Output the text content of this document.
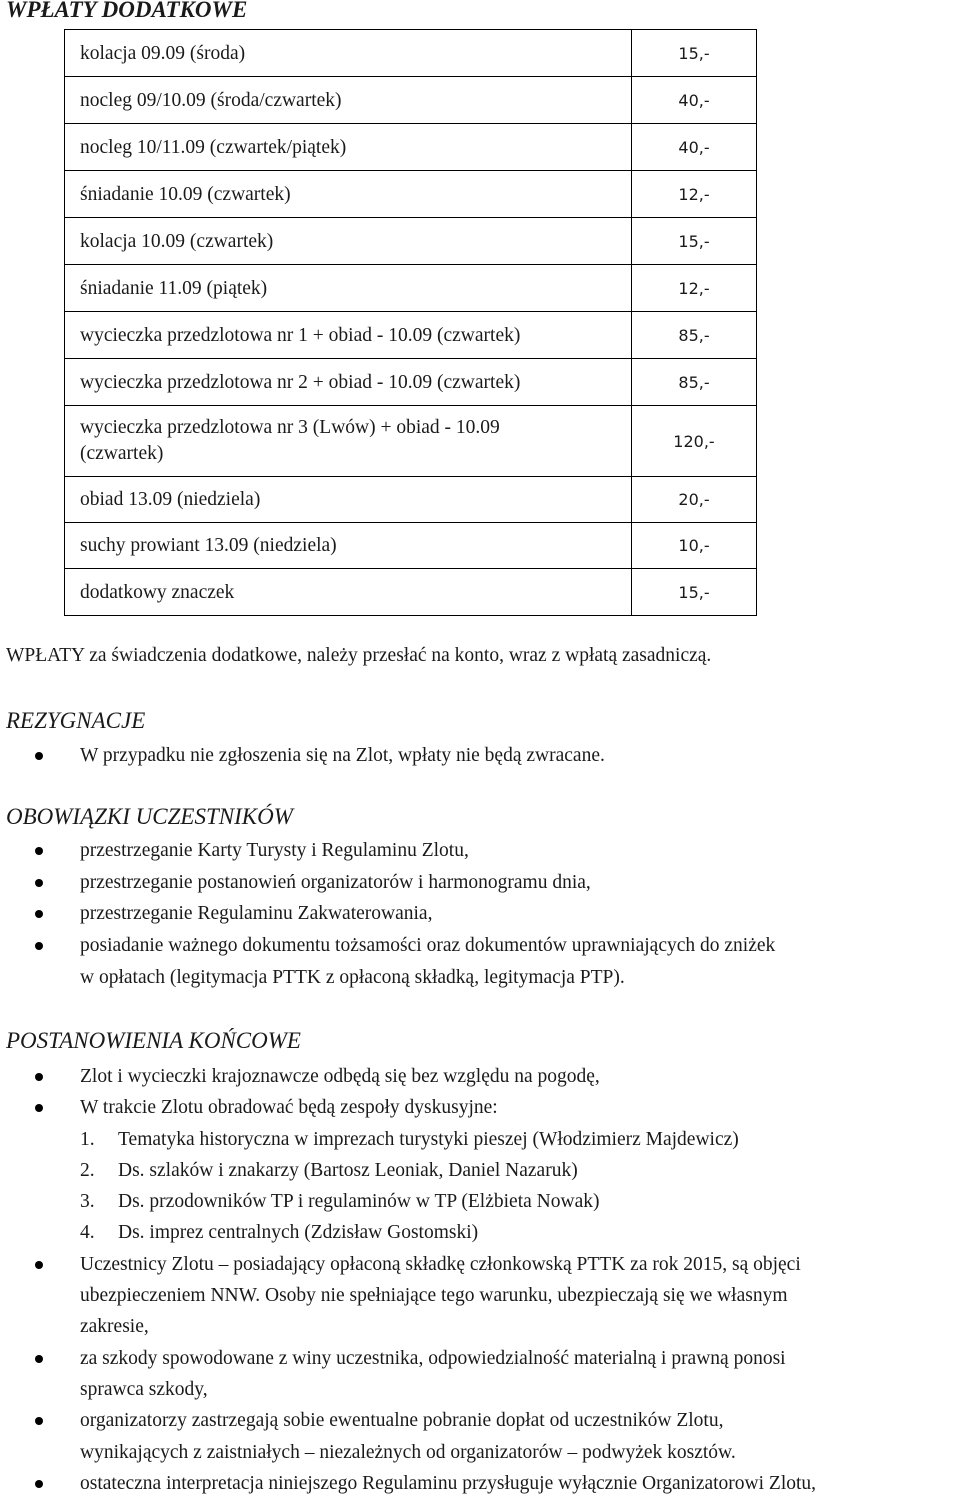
WPŁATY DODATKOWE
kolacja 09.09 (środa)	15,-
nocleg 09/10.09 (środa/czwartek)	40,-
nocleg 10/11.09 (czwartek/piątek)	40,-
śniadanie 10.09 (czwartek)	12,-
kolacja 10.09 (czwartek)	15,-
śniadanie 11.09 (piątek)	12,-
wycieczka przedzlotowa nr 1 + obiad - 10.09 (czwartek)	85,-
wycieczka przedzlotowa nr 2 + obiad - 10.09 (czwartek)	85,-

wycieczka przedzlotowa nr 3 (Lwów) + obiad - 10.09
(czwartek)	120,-
obiad 13.09 (niedziela)	20,-
suchy prowiant 13.09 (niedziela)	10,-
dodatkowy znaczek	15,-

WPŁATY za świadczenia dodatkowe, należy przesłać na konto, wraz z wpłatą zasadniczą.

REZYGNACJE
W przypadku nie zgłoszenia się na Zlot, wpłaty nie będą zwracane.
OBOWIĄZKI UCZESTNIKÓW
przestrzeganie Karty Turysty i Regulaminu Zlotu,
przestrzeganie postanowień organizatorów i harmonogramu dnia,
przestrzeganie Regulaminu Zakwaterowania,
posiadanie ważnego dokumentu tożsamości oraz dokumentów uprawniających do zniżek
w opłatach (legitymacja PTTK z opłaconą składką, legitymacja PTP).
POSTANOWIENIA KOŃCOWE
Zlot i wycieczki krajoznawcze odbędą się bez względu na pogodę,
W trakcie Zlotu obradować będą zespoły dyskusyjne:
1. Tematyka historyczna w imprezach turystyki pieszej (Włodzimierz Majdewicz)
2. Ds. szlaków i znakarzy (Bartosz Leoniak, Daniel Nazaruk)
3. Ds. przodowników TP i regulaminów w TP (Elżbieta Nowak)
4. Ds. imprez centralnych (Zdzisław Gostomski)
Uczestnicy Zlotu – posiadający opłaconą składkę członkowską PTTK za rok 2015, są objęci
ubezpieczeniem NNW. Osoby nie spełniające tego warunku, ubezpieczają się we własnym
zakresie,
za szkody spowodowane z winy uczestnika, odpowiedzialność materialną i prawną ponosi
sprawca szkody,
organizatorzy zastrzegają sobie ewentualne pobranie dopłat od uczestników Zlotu,
wynikających z zaistniałych – niezależnych od organizatorów – podwyżek kosztów.
ostateczna interpretacja niniejszego Regulaminu przysługuje wyłącznie Organizatorowi Zlotu,
